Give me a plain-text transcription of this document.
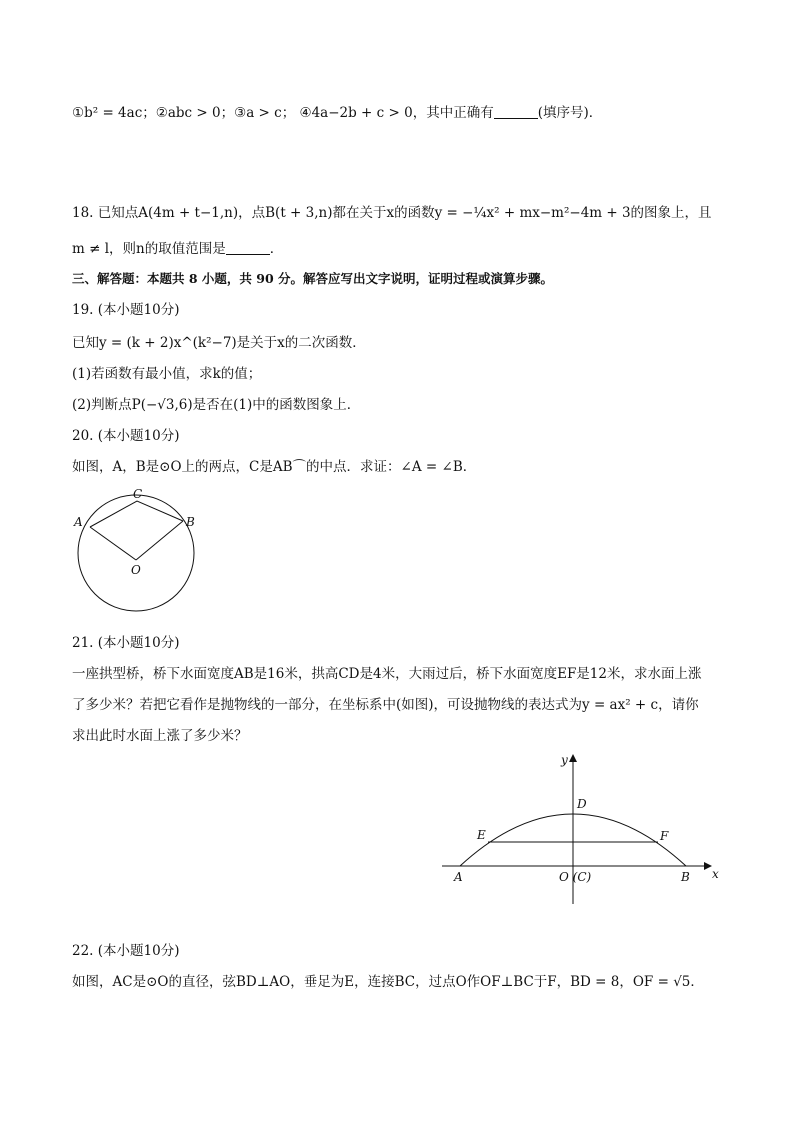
①b² = 4ac；②abc > 0；③a > c； ④4a−2b + c > 0，其中正确有	(填序号)．
18. 已知点A(4m + t−1,n)，点B(t + 3,n)都在关于x的函数y = −¼x² + mx−m²−4m + 3的图象上，且
m ≠ l，则n的取值范围是	．
三、解答题：本题共 8 小题，共 90 分。解答应写出文字说明，证明过程或演算步骤。
19. (本小题10分)
已知y = (k + 2)x^(k²−7)是关于x的二次函数．
(1)若函数有最小值，求k的值；
(2)判断点P(−√3,6)是否在(1)中的函数图象上．
20. (本小题10分)
如图，A，B是⊙O上的两点，C是AB⌒的中点．求证：∠A = ∠B．
A
C
B
O
21. (本小题10分)
一座拱型桥，桥下水面宽度AB是16米，拱高CD是4米，大雨过后，桥下水面宽度EF是12米，求水面上涨
了多少米？若把它看作是抛物线的一部分，在坐标系中(如图)，可设抛物线的表达式为y = ax² + c，请你
求出此时水面上涨了多少米？
y
x
D
E	F
A	O (C)	B
22. (本小题10分)
如图，AC是⊙O的直径，弦BD⊥AO，垂足为E，连接BC，过点O作OF⊥BC于F，BD = 8，OF = √5．
